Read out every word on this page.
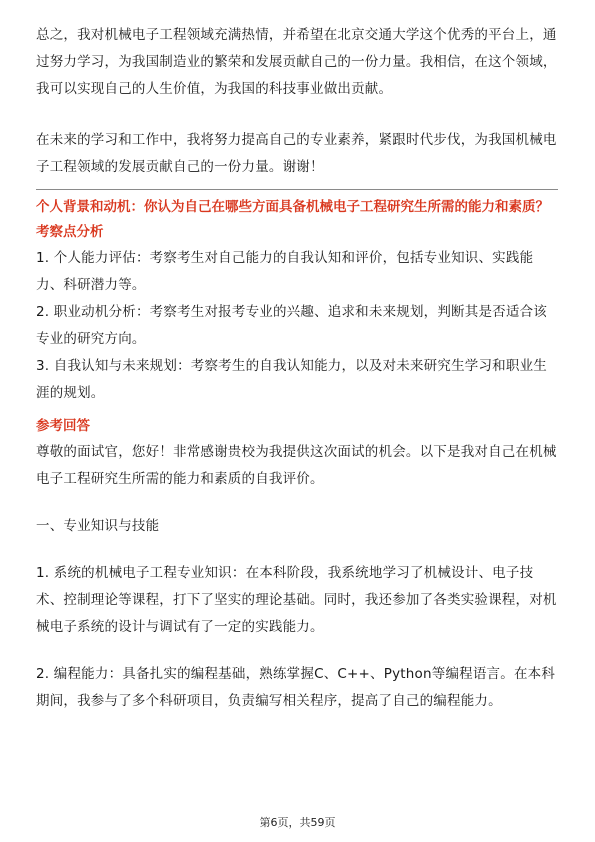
总之，我对机械电子工程领域充满热情，并希望在北京交通大学这个优秀的平台上，通过努力学习，为我国制造业的繁荣和发展贡献自己的一份力量。我相信，在这个领域，我可以实现自己的人生价值，为我国的科技事业做出贡献。

在未来的学习和工作中，我将努力提高自己的专业素养，紧跟时代步伐，为我国机械电子工程领域的发展贡献自己的一份力量。谢谢！

个人背景和动机：你认为自己在哪些方面具备机械电子工程研究生所需的能力和素质？

考察点分析

1. 个人能力评估：考察考生对自己能力的自我认知和评价，包括专业知识、实践能力、科研潜力等。

2. 职业动机分析：考察考生对报考专业的兴趣、追求和未来规划，判断其是否适合该专业的研究方向。

3. 自我认知与未来规划：考察考生的自我认知能力，以及对未来研究生学习和职业生涯的规划。

参考回答

尊敬的面试官，您好！非常感谢贵校为我提供这次面试的机会。以下是我对自己在机械电子工程研究生所需的能力和素质的自我评价。

一、专业知识与技能

1. 系统的机械电子工程专业知识：在本科阶段，我系统地学习了机械设计、电子技术、控制理论等课程，打下了坚实的理论基础。同时，我还参加了各类实验课程，对机械电子系统的设计与调试有了一定的实践能力。

2. 编程能力：具备扎实的编程基础，熟练掌握C、C++、Python等编程语言。在本科期间，我参与了多个科研项目，负责编写相关程序，提高了自己的编程能力。

第6页，共59页
